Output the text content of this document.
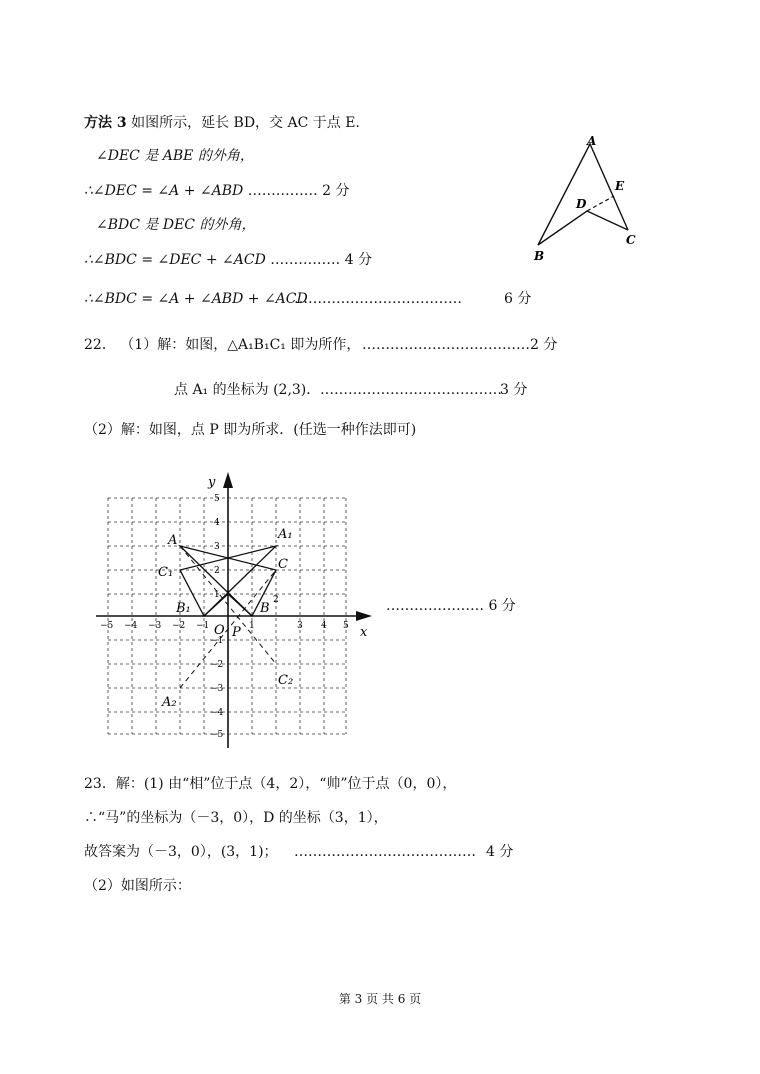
方法 3 如图所示，延长 BD，交 AC 于点 E.
∠DEC 是 ABE 的外角，
∴∠DEC = ∠A + ∠ABD …………… 2 分
∠BDC 是 DEC 的外角，
∴∠BDC = ∠DEC + ∠ACD …………… 4 分
∴∠BDC = ∠A + ∠ABD + ∠ACD
………………………………	6 分
A
B
C
D
E
22． （1）解：如图，△A₁B₁C₁ 即为所作， ……………………………… 2 分
点 A₁ 的坐标为 (2,3)． …………………………………
3 分
（2）解：如图，点 P 即为所求．(任选一种作法即可)
x
y
−5 −4 −3 −2 −1	1
2
3 4 5
5
4
3
2
1
−1
−2
−3
−4
−5
A	A₁
A₂
B
B₁
C
C₁
C₂
P
O
………………… 6 分
23．解：(1) 由“相”位于点（4，2），“帅”位于点（0，0），
∴“马”的坐标为（－3，0），D 的坐标（3，1），
故答案为（－3，0），(3，1)； ………………………………… 4 分
（2）如图所示：
第 3 页 共 6 页
